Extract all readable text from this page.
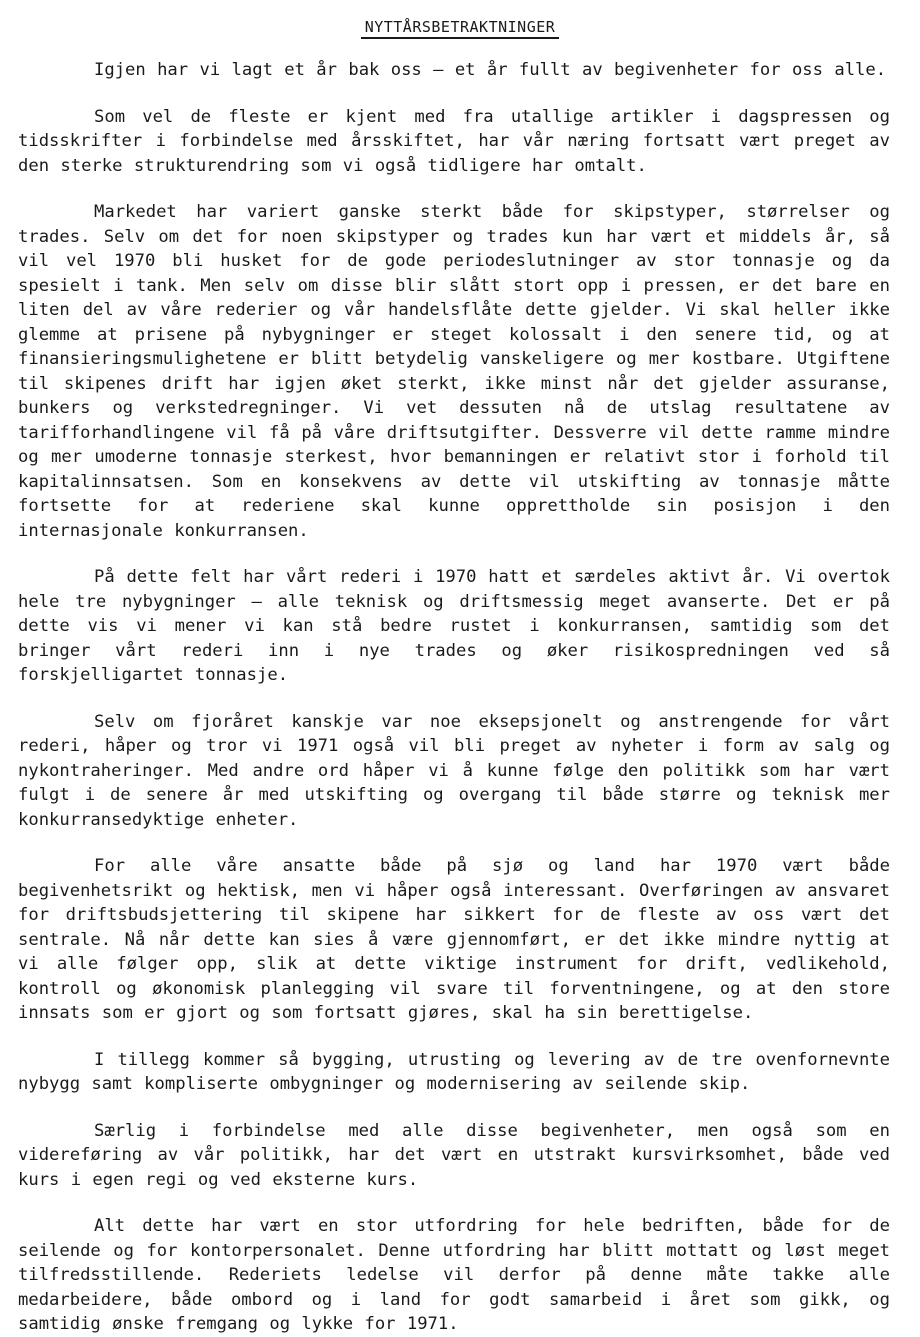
NYTTÅRSBETRAKTNINGER

Igjen har vi lagt et år bak oss – et år fullt av begivenheter for oss alle.

Som vel de fleste er kjent med fra utallige artikler i dagspressen og tidsskrifter i forbindelse med årsskiftet, har vår næring fortsatt vært preget av den sterke strukturendring som vi også tidligere har omtalt.

Markedet har variert ganske sterkt både for skipstyper, størrelser og trades. Selv om det for noen skipstyper og trades kun har vært et middels år, så vil vel 1970 bli husket for de gode periodeslutninger av stor tonnasje og da spesielt i tank. Men selv om disse blir slått stort opp i pressen, er det bare en liten del av våre rederier og vår handelsflåte dette gjelder. Vi skal heller ikke glemme at prisene på nybygninger er steget kolossalt i den senere tid, og at finansieringsmulighetene er blitt betydelig vanskeligere og mer kostbare. Utgiftene til skipenes drift har igjen øket sterkt, ikke minst når det gjelder assuranse, bunkers og verkstedregninger. Vi vet dessuten nå de utslag resultatene av tarifforhandlingene vil få på våre driftsutgifter. Dessverre vil dette ramme mindre og mer umoderne tonnasje sterkest, hvor bemanningen er relativt stor i forhold til kapitalinnsatsen. Som en konsekvens av dette vil utskifting av tonnasje måtte fortsette for at rederiene skal kunne opprettholde sin posisjon i den internasjonale konkurransen.

På dette felt har vårt rederi i 1970 hatt et særdeles aktivt år. Vi overtok hele tre nybygninger – alle teknisk og driftsmessig meget avanserte. Det er på dette vis vi mener vi kan stå bedre rustet i konkurransen, samtidig som det bringer vårt rederi inn i nye trades og øker risikospredningen ved så forskjelligartet tonnasje.

Selv om fjoråret kanskje var noe eksepsjonelt og anstrengende for vårt rederi, håper og tror vi 1971 også vil bli preget av nyheter i form av salg og nykontraheringer. Med andre ord håper vi å kunne følge den politikk som har vært fulgt i de senere år med utskifting og overgang til både større og teknisk mer konkurransedyktige enheter.

For alle våre ansatte både på sjø og land har 1970 vært både begivenhetsrikt og hektisk, men vi håper også interessant. Overføringen av ansvaret for driftsbudsjettering til skipene har sikkert for de fleste av oss vært det sentrale. Nå når dette kan sies å være gjennomført, er det ikke mindre nyttig at vi alle følger opp, slik at dette viktige instrument for drift, vedlikehold, kontroll og økonomisk planlegging vil svare til forventningene, og at den store innsats som er gjort og som fortsatt gjøres, skal ha sin berettigelse.

I tillegg kommer så bygging, utrusting og levering av de tre ovenfornevnte nybygg samt kompliserte ombygninger og modernisering av seilende skip.

Særlig i forbindelse med alle disse begivenheter, men også som en videreføring av vår politikk, har det vært en utstrakt kursvirksomhet, både ved kurs i egen regi og ved eksterne kurs.

Alt dette har vært en stor utfordring for hele bedriften, både for de seilende og for kontorpersonalet. Denne utfordring har blitt mottatt og løst meget tilfredsstillende. Rederiets ledelse vil derfor på denne måte takke alle medarbeidere, både ombord og i land for godt samarbeid i året som gikk, og samtidig ønske fremgang og lykke for 1971.
